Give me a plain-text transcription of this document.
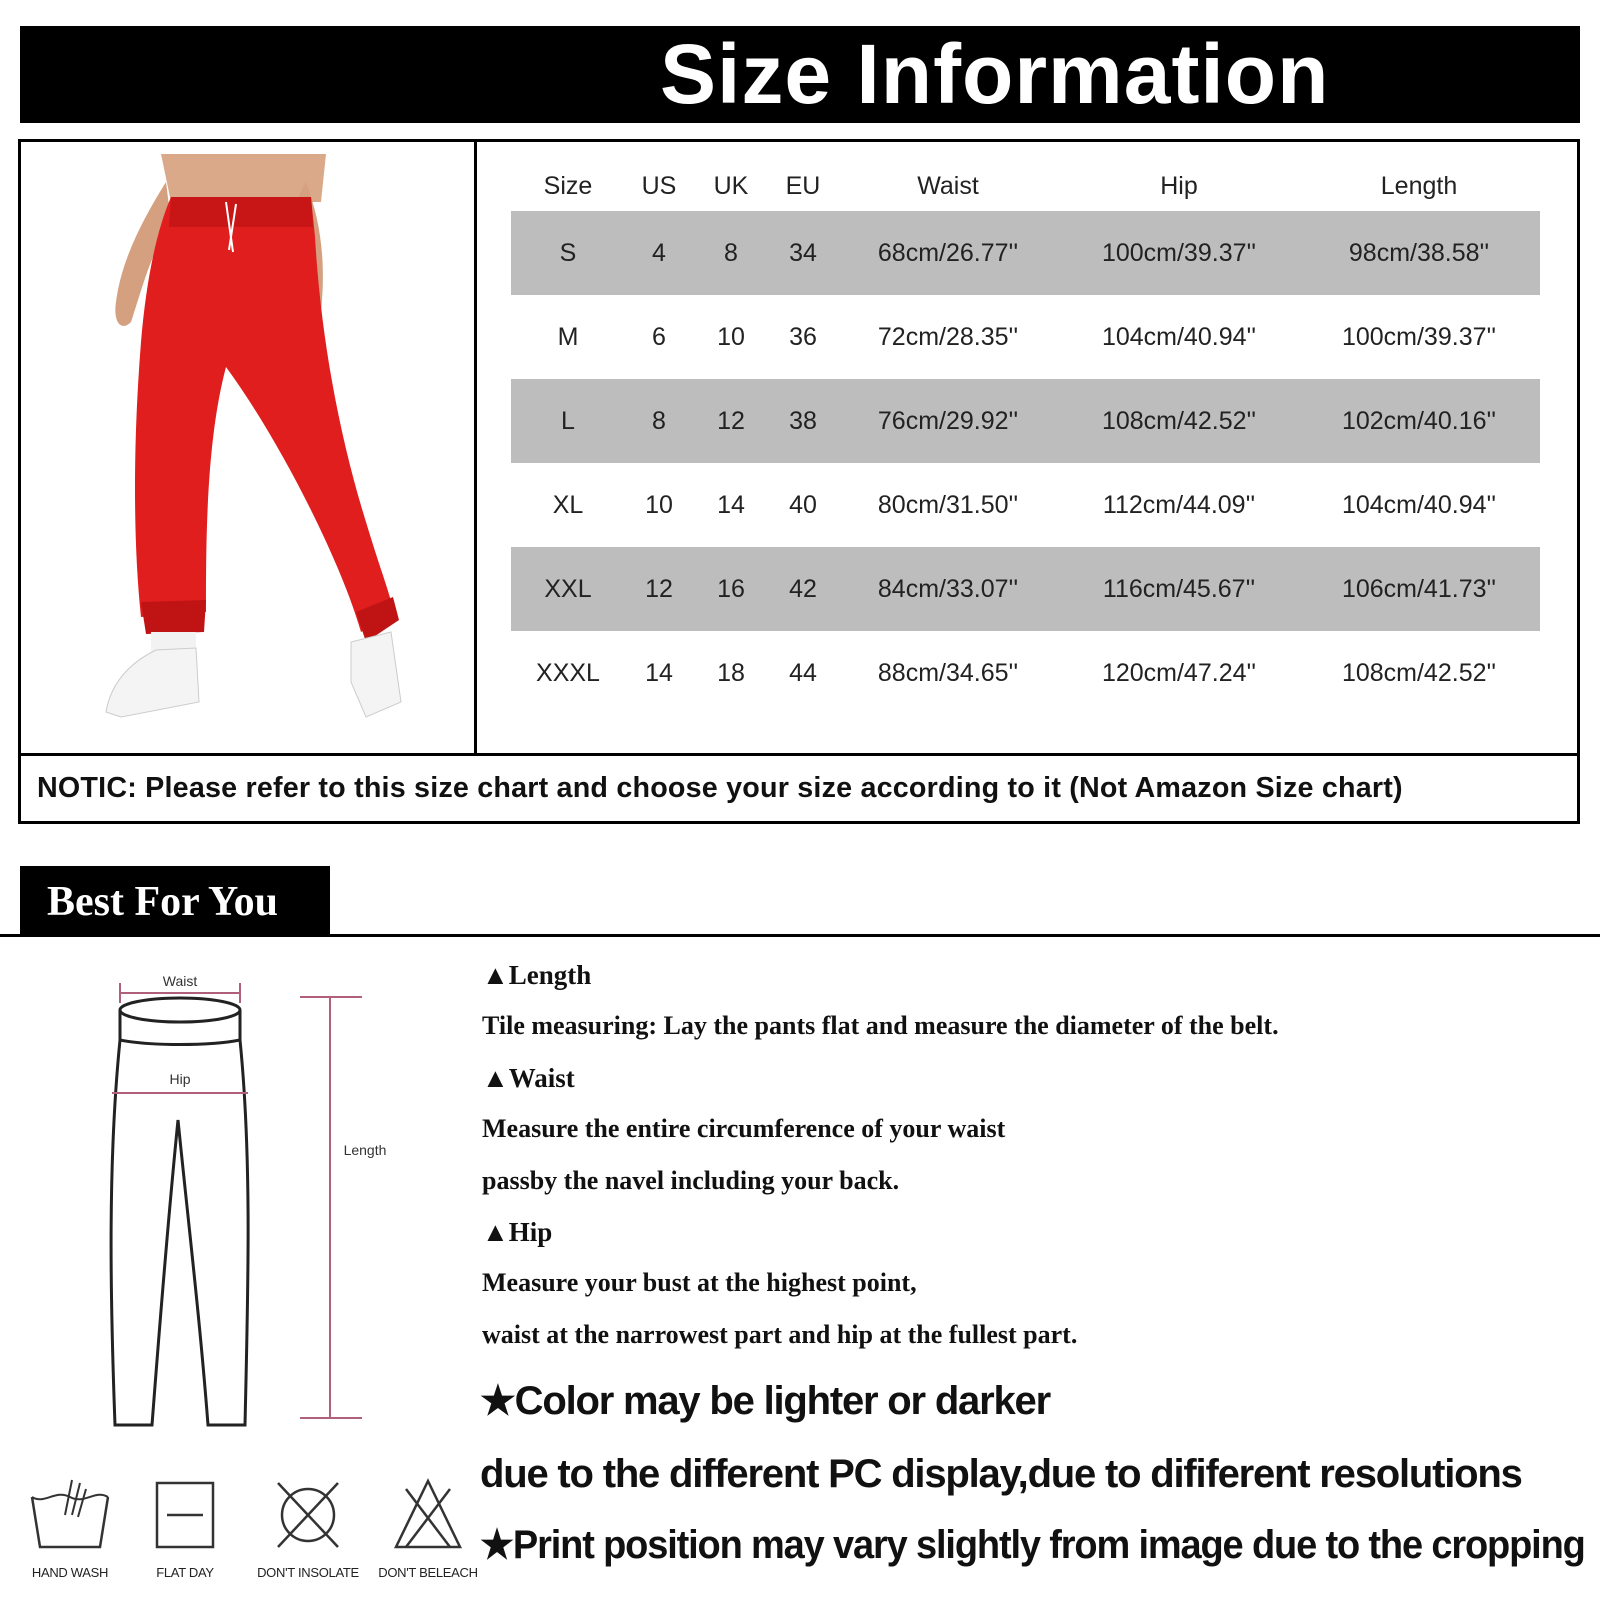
Size Information
NOTIC: Please refer to this size chart and choose your size according to it (Not Amazon Size chart)
Size	US	UK	EU	Waist	Hip	Length
S	4	8	34	68cm/26.77''	100cm/39.37''	98cm/38.58''
M	6	10	36	72cm/28.35''	104cm/40.94''	100cm/39.37''
L	8	12	38	76cm/29.92''	108cm/42.52''	102cm/40.16''
XL	10	14	40	80cm/31.50''	112cm/44.09''	104cm/40.94''
XXL	12	16	42	84cm/33.07''	116cm/45.67''	106cm/41.73''
XXXL	14	18	44	88cm/34.65''	120cm/47.24''	108cm/42.52''
Best For You
Waist
Hip
Length
▲Length
Tile measuring: Lay the pants flat and measure the diameter of the belt.
▲Waist
Measure the entire circumference of your waist
passby the navel including your back.
▲Hip
Measure your bust at the highest point,
waist at the narrowest part and hip at the fullest part.
★Color may be lighter or darker
due to the different PC display,due to dififerent resolutions
★Print position may vary slightly from image due to the cropping
HAND WASH	FLAT DAY	DON'T INSOLATE	DON'T BELEACH
